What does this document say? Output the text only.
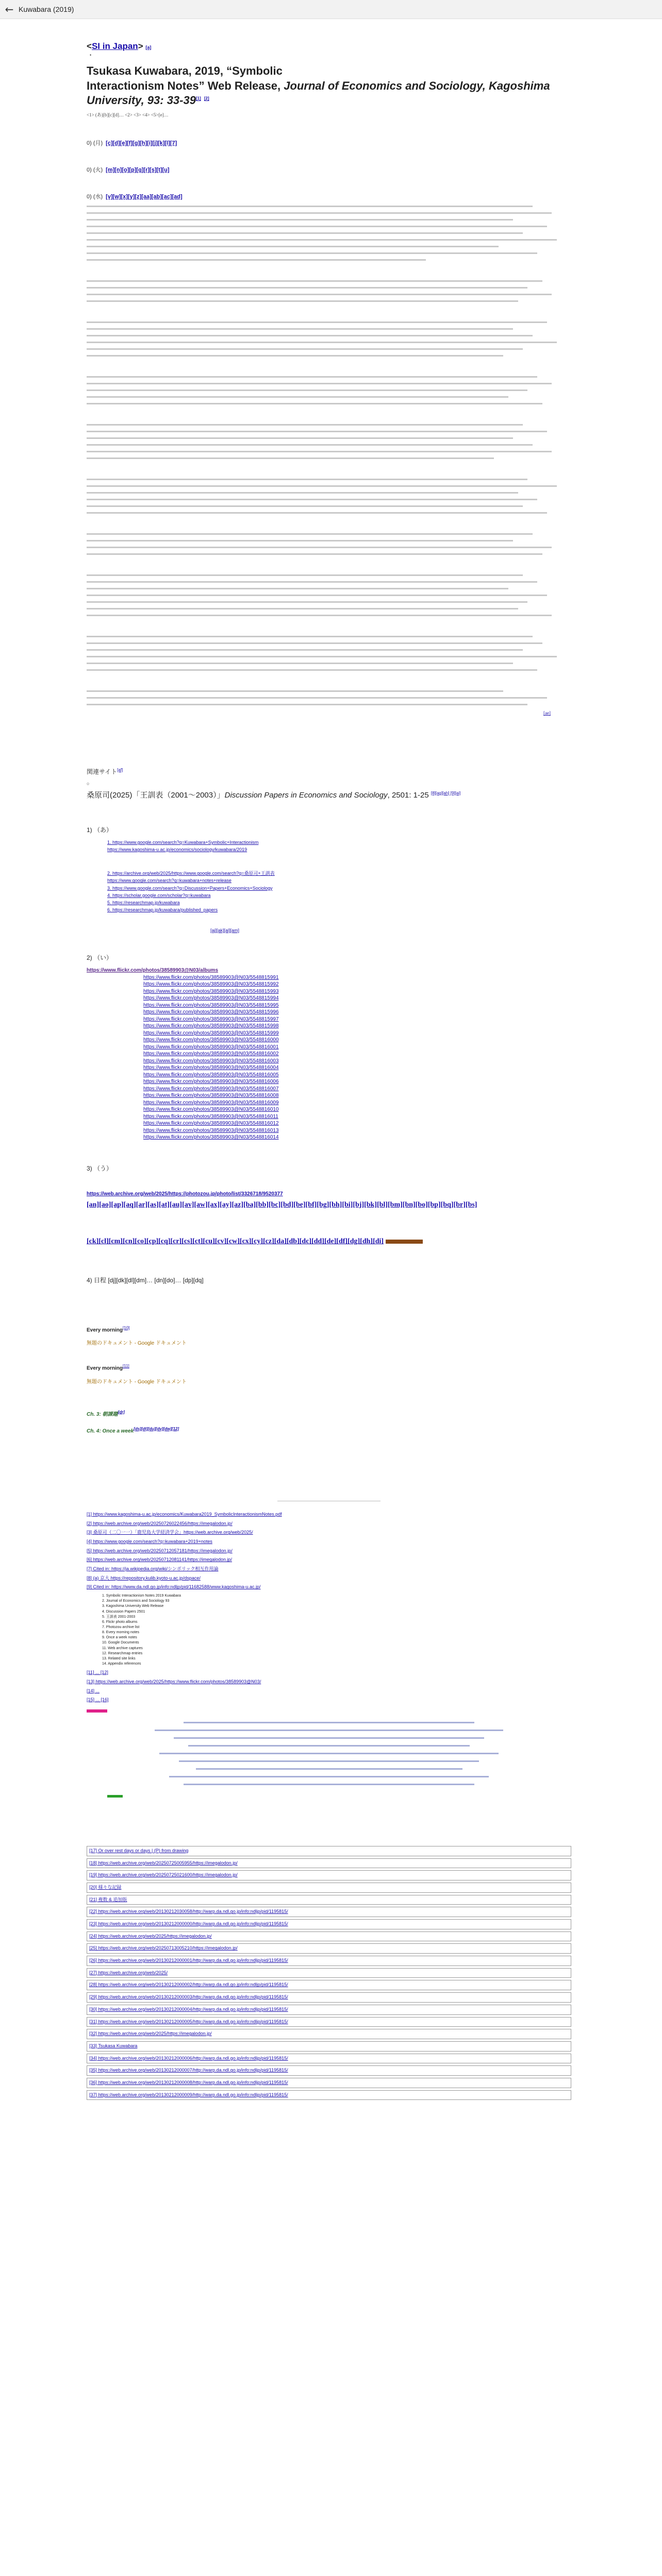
← Kuwabara (2019)
<SI in Japan> [a]
•
Tsukasa Kuwabara, 2019, “Symbolic
Interactionism Notes” Web Release, Journal of Economics and Sociology, Kagoshima
University, 93: 33-39[1] [2]
<1> (あ)[b][c][d]… <2> <3> <4> <5>[e]…
0) (月) [c][d][e][f][g][h][i][j][k][l][7]
0) (火) [m][n][o][p][q][r][s][t][u]
0) (水) [v][w][x][y][z][aa][ab][ac][ad]
[ae]
関連サイト[af]
○
桑原司(2025)「王訓表（2001〜2003）」Discussion Papers in Economics and Sociology, 2501: 1-25 [8][ag][ah] [9][ai]
1) （あ）
1. https://www.google.com/search?q=Kuwabara+Symbolic+Interactionism
https://www.kagoshima-u.ac.jp/economics/sociology/kuwabara/2019
2. https://archive.org/web/2025/https://www.google.com/search?q=桑原司+王訓表
https://www.google.com/search?q=kuwabara+notes+release
3. https://www.google.com/search?q=Discussion+Papers+Economics+Sociology
4. https://scholar.google.com/scholar?q=kuwabara
5. https://researchmap.jp/kuwabara
6. https://researchmap.jp/kuwabara/published_papers
[aj][ak][al][am]
2) （い）
https://www.flickr.com/photos/38589903@N03/albums
https://www.flickr.com/photos/38589903@N03/5548815991
https://www.flickr.com/photos/38589903@N03/5548815992
https://www.flickr.com/photos/38589903@N03/5548815993
https://www.flickr.com/photos/38589903@N03/5548815994
https://www.flickr.com/photos/38589903@N03/5548815995
https://www.flickr.com/photos/38589903@N03/5548815996
https://www.flickr.com/photos/38589903@N03/5548815997
https://www.flickr.com/photos/38589903@N03/5548815998
https://www.flickr.com/photos/38589903@N03/5548815999
https://www.flickr.com/photos/38589903@N03/5548816000
https://www.flickr.com/photos/38589903@N03/5548816001
https://www.flickr.com/photos/38589903@N03/5548816002
https://www.flickr.com/photos/38589903@N03/5548816003
https://www.flickr.com/photos/38589903@N03/5548816004
https://www.flickr.com/photos/38589903@N03/5548816005
https://www.flickr.com/photos/38589903@N03/5548816006
https://www.flickr.com/photos/38589903@N03/5548816007
https://www.flickr.com/photos/38589903@N03/5548816008
https://www.flickr.com/photos/38589903@N03/5548816009
https://www.flickr.com/photos/38589903@N03/5548816010
https://www.flickr.com/photos/38589903@N03/5548816011
https://www.flickr.com/photos/38589903@N03/5548816012
https://www.flickr.com/photos/38589903@N03/5548816013
https://www.flickr.com/photos/38589903@N03/5548816014
3) （う）
https://web.archive.org/web/2025/https://photozou.jp/photo/list/3326718/9520377
[an][ao][ap][aq][ar][as][at][au][av][aw][ax][ay][az][ba][bb][bc][bd][be][bf][bg][bh][bi][bj][bk][bl][bm][bn][bo][bp][bq][br][bs]
[ck][cl][cm][cn][co][cp][cq][cr][cs][ct][cu][cv][cw][cx][cy][cz][da][db][dc][dd][de][df][dg][dh][di]
4) 日程 [dj][dk][dl][dm]… [dn][do]… [dp][dq]
Every morning[10]

無題のドキュメント - Google ドキュメント
Every morning[11]

無題のドキュメント - Google ドキュメント
Ch. 3: 朝課題[dr]
Ch. 4: Once a week[ds][dt][du][dv][dw][12]
[1] https://www.kagoshima-u.ac.jp/economics/Kuwabara2019_SymbolicInteractionismNotes.pdf
[2] https://web.archive.org/web/20250726022456/https://imegalodon.jp/
[3] 桑原司（二〇一一）「鹿児島大学経済学会」https://web.archive.org/web/2025/
[4] https://www.google.com/search?q=kuwabara+2019+notes
[5] https://web.archive.org/web/20250712057181/https://imegalodon.jp/
[6] https://web.archive.org/web/20250712081141/https://imegalodon.jp/
[7] Cited in: https://ja.wikipedia.org/wiki/シンボリック相互作用論
[8] (a) 京大 https://repository.kulib.kyoto-u.ac.jp/dspace/
[9] Cited in: https://www.da.ndl.go.jp/info:ndljp/pid/11682588/www.kagoshima-u.ac.jp/
1. Symbolic Interactionism Notes 2019 Kuwabara
2. Journal of Economics and Sociology 93
3. Kagoshima University Web Release
4. Discussion Papers 2501
5. 王訓表 2001-2003
6. Flickr photo albums
7. Photozou archive list
8. Every morning notes
9. Once a week notes
10. Google Documents
11. Web archive captures
12. Researchmap entries
13. Related site links
14. Appendix references
[11] ... [12]
[13] https://web.archive.org/web/2025/https://www.flickr.com/photos/38589903@N03/
[14] ...
[15] ... [16]
[17] Or over rest days or days | (P) from drawing
[18] https://web.archive.org/web/20250725005955/https://imegalodon.jp/
[19] https://web.archive.org/web/20250725021600/https://imegalodon.jp/
[20] 様々な記録
[21] 複数 & 追加版
[22] https://web.archive.org/web/20130212030058/http://warp.da.ndl.go.jp/info:ndljp/pid/1195815/
[23] https://web.archive.org/web/20130212000000/http://warp.da.ndl.go.jp/info:ndljp/pid/1195815/
[24] https://web.archive.org/web/2025/https://imegalodon.jp/
[25] https://web.archive.org/web/20250713005210/https://imegalodon.jp/
[26] https://web.archive.org/web/20130212000001/http://warp.da.ndl.go.jp/info:ndljp/pid/1195815/
[27] https://web.archive.org/web/2025/
[28] https://web.archive.org/web/20130212000002/http://warp.da.ndl.go.jp/info:ndljp/pid/1195815/
[29] https://web.archive.org/web/20130212000003/http://warp.da.ndl.go.jp/info:ndljp/pid/1195815/
[30] https://web.archive.org/web/20130212000004/http://warp.da.ndl.go.jp/info:ndljp/pid/1195815/
[31] https://web.archive.org/web/20130212000005/http://warp.da.ndl.go.jp/info:ndljp/pid/1195815/
[32] https://web.archive.org/web/2025/https://imegalodon.jp/
[33] Tsukasa Kuwabara
[34] https://web.archive.org/web/20130212000006/http://warp.da.ndl.go.jp/info:ndljp/pid/1195815/
[35] https://web.archive.org/web/20130212000007/http://warp.da.ndl.go.jp/info:ndljp/pid/1195815/
[36] https://web.archive.org/web/20130212000008/http://warp.da.ndl.go.jp/info:ndljp/pid/1195815/
[37] https://web.archive.org/web/20130212000009/http://warp.da.ndl.go.jp/info:ndljp/pid/1195815/
